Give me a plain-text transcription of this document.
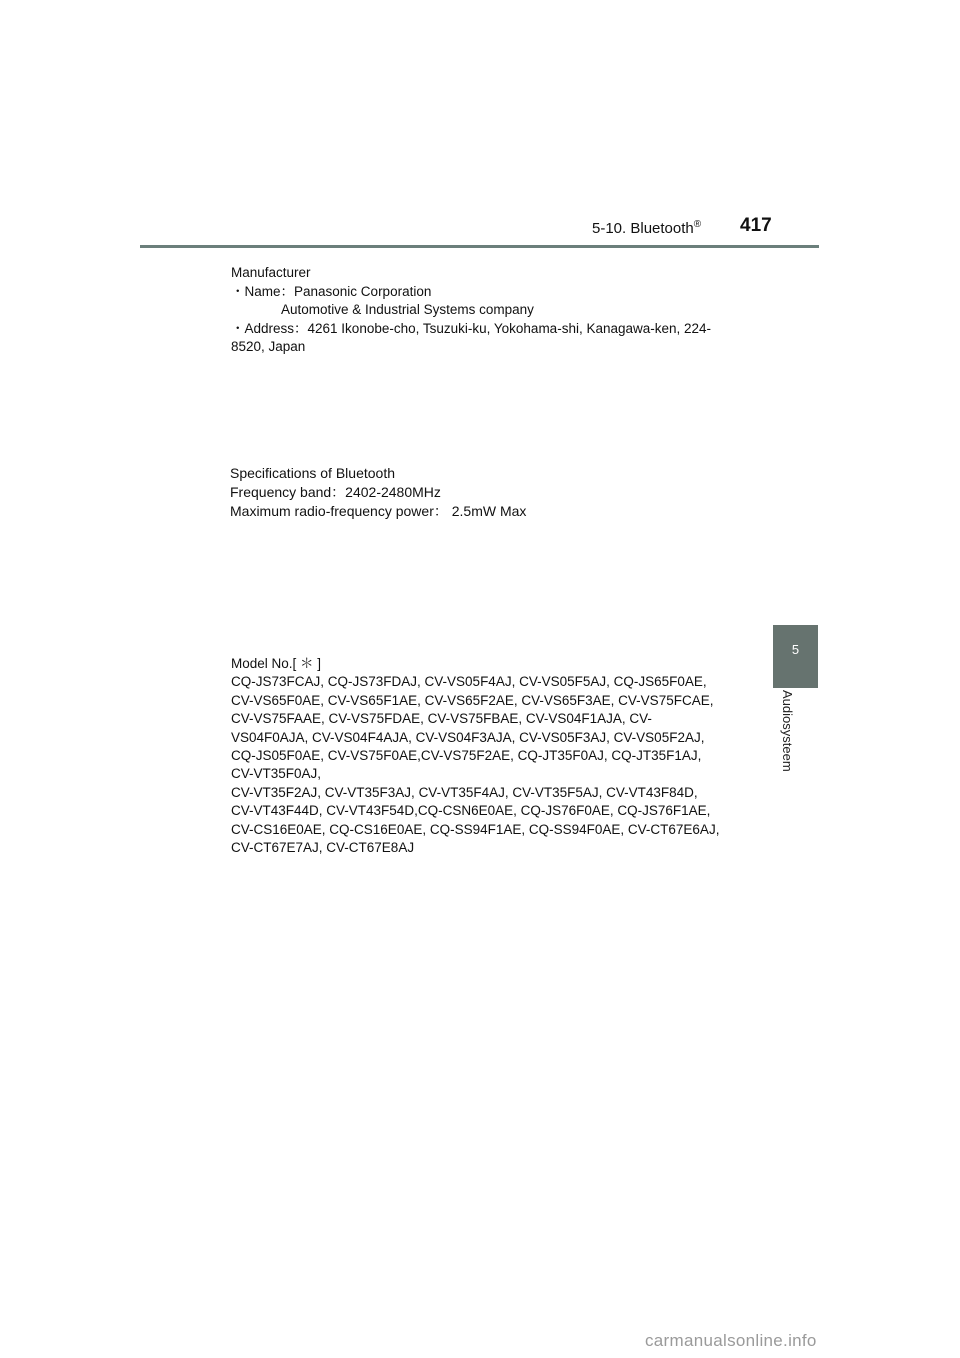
5-10. Bluetooth® 417
5
Audiosysteem
Manufacturer
・Name：Panasonic Corporation
Automotive & Industrial Systems company
・Address：4261 Ikonobe-cho, Tsuzuki-ku, Yokohama-shi, Kanagawa-ken, 224-
8520, Japan
Specifications of Bluetooth
Frequency band：2402-2480MHz
Maximum radio-frequency power： 2.5mW Max
Model No.[ ＊ ]
CQ-JS73FCAJ, CQ-JS73FDAJ, CV-VS05F4AJ, CV-VS05F5AJ, CQ-JS65F0AE,
CV-VS65F0AE, CV-VS65F1AE, CV-VS65F2AE, CV-VS65F3AE, CV-VS75FCAE,
CV-VS75FAAE, CV-VS75FDAE, CV-VS75FBAE, CV-VS04F1AJA, CV-
VS04F0AJA, CV-VS04F4AJA, CV-VS04F3AJA, CV-VS05F3AJ, CV-VS05F2AJ,
CQ-JS05F0AE, CV-VS75F0AE,CV-VS75F2AE, CQ-JT35F0AJ, CQ-JT35F1AJ,
CV-VT35F0AJ,
CV-VT35F2AJ, CV-VT35F3AJ, CV-VT35F4AJ, CV-VT35F5AJ, CV-VT43F84D,
CV-VT43F44D, CV-VT43F54D,CQ-CSN6E0AE, CQ-JS76F0AE, CQ-JS76F1AE,
CV-CS16E0AE, CQ-CS16E0AE, CQ-SS94F1AE, CQ-SS94F0AE, CV-CT67E6AJ,
CV-CT67E7AJ, CV-CT67E8AJ
carmanualsonline.info
